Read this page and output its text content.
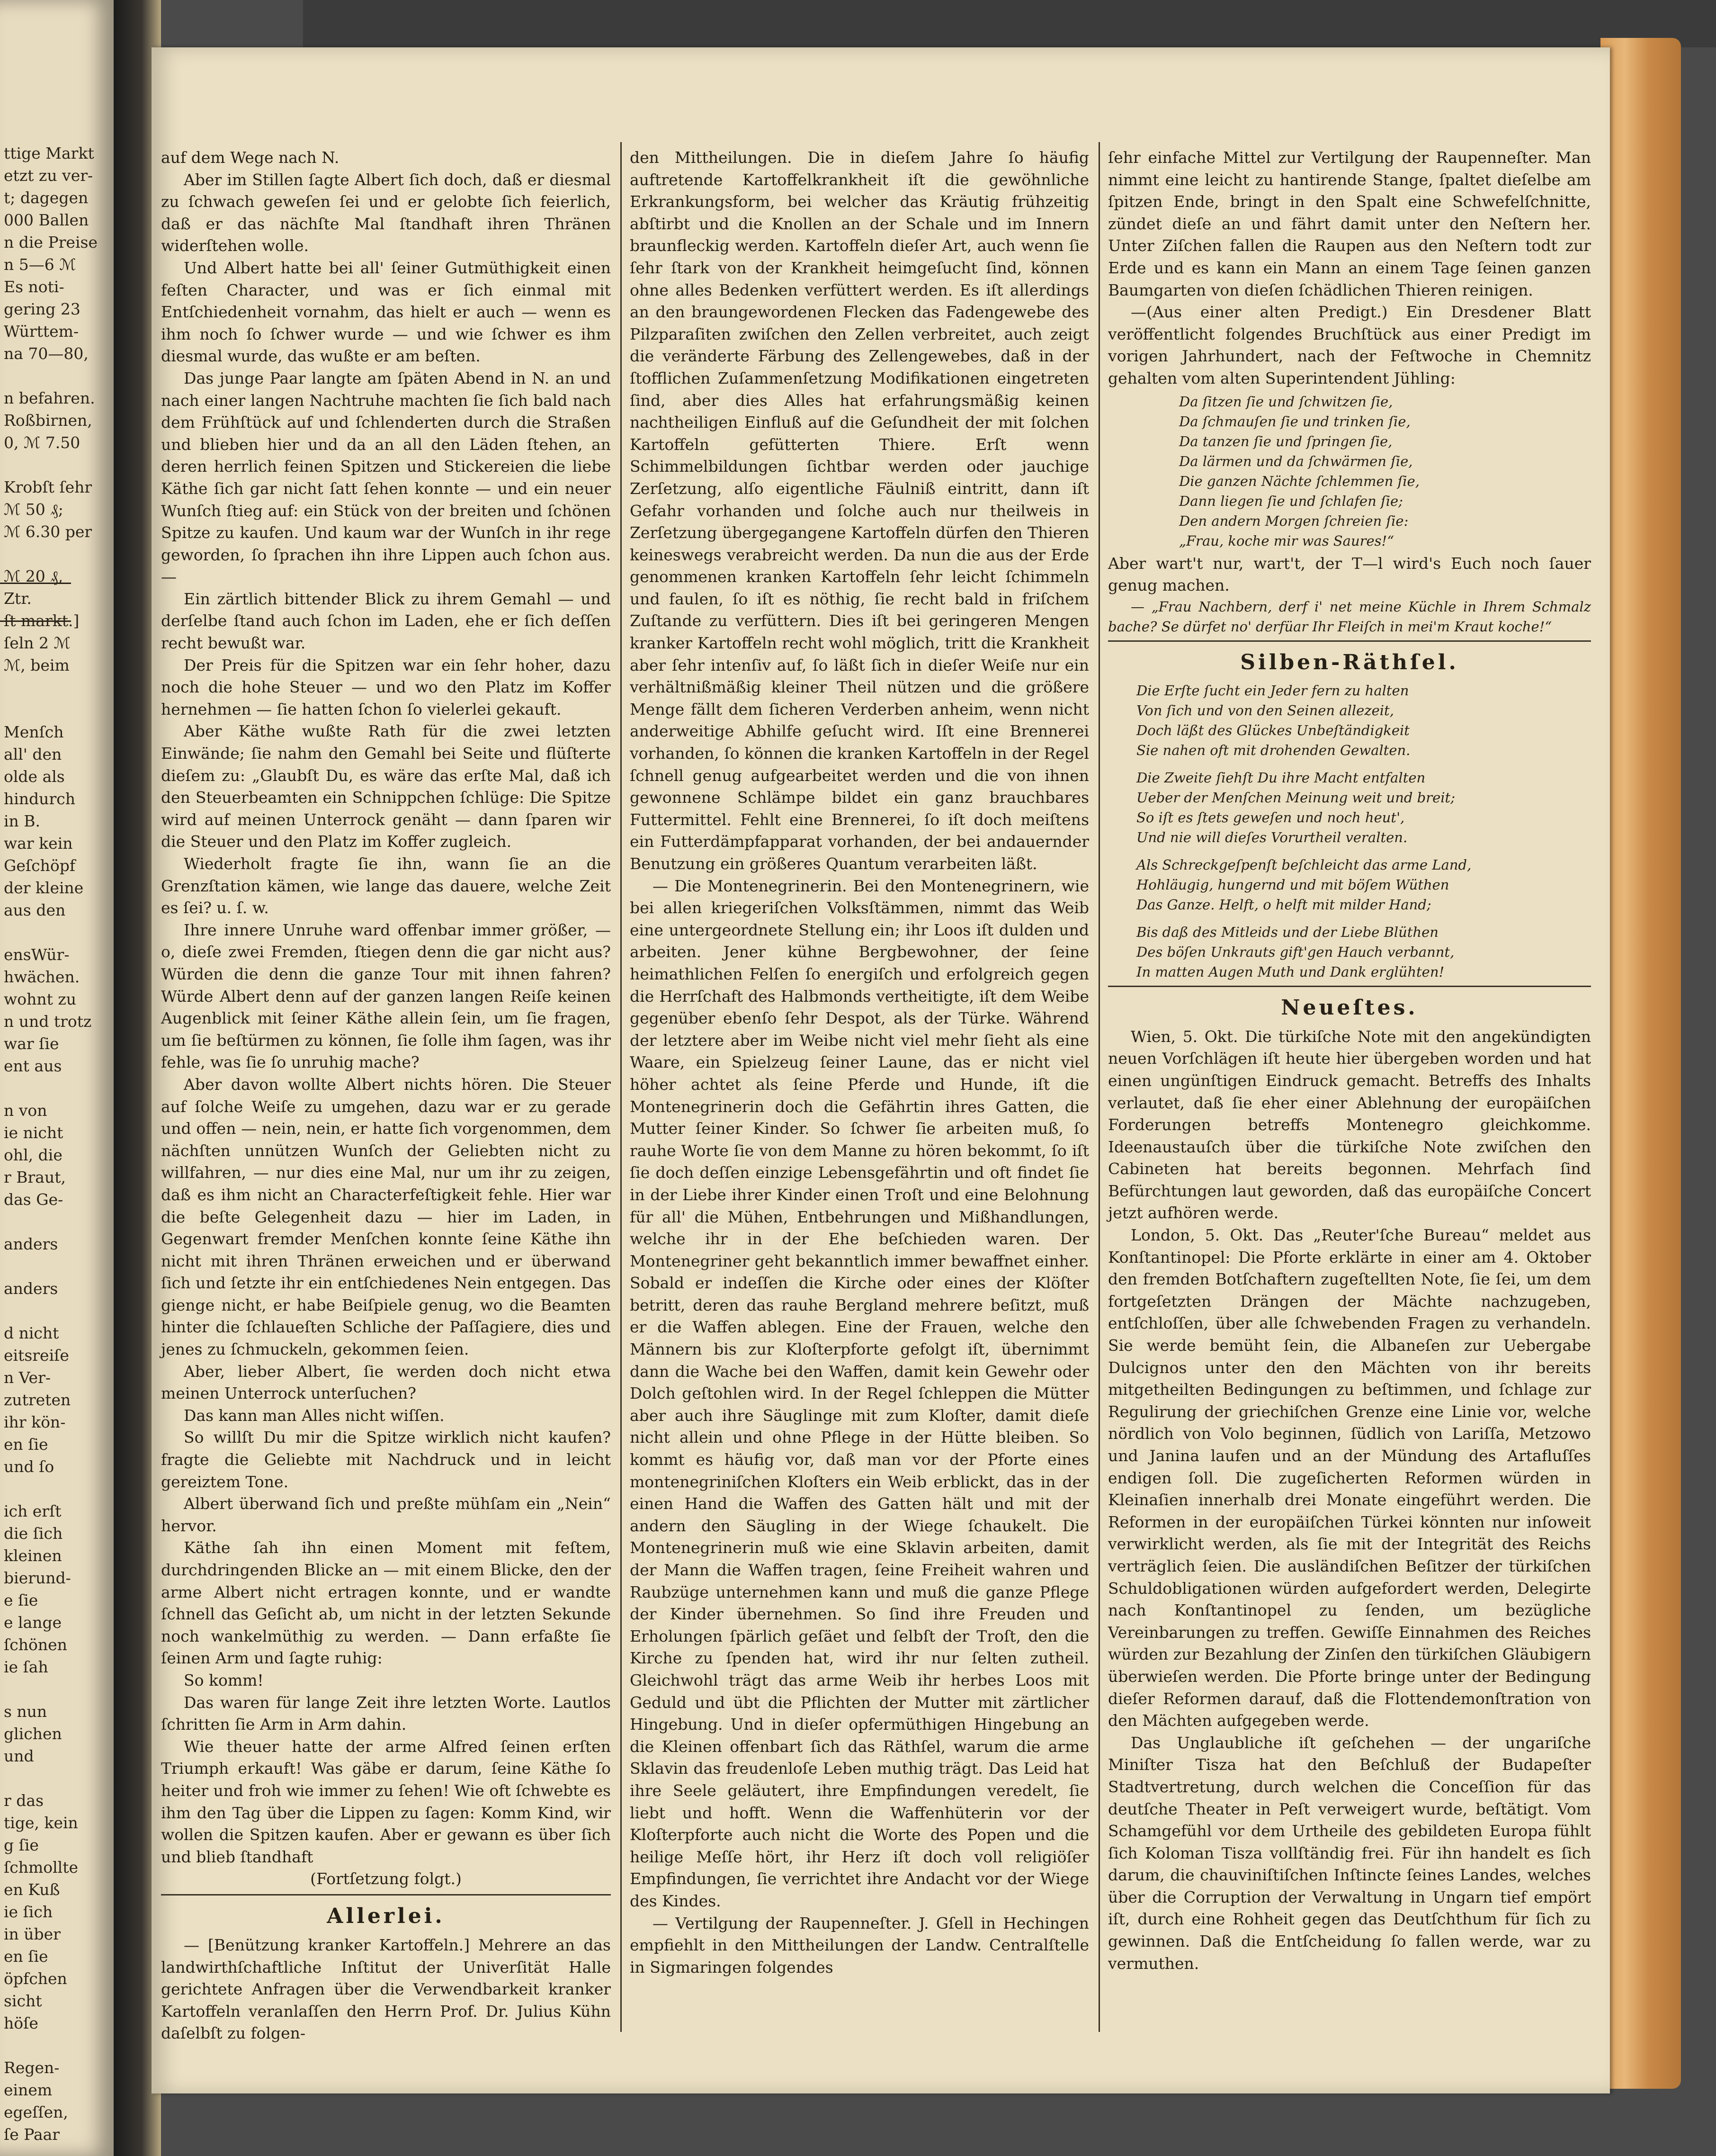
ttige Markt
etzt zu ver-
t; dagegen
000 Ballen
n die Preise
n 5—6 ℳ
Es noti-
gering 23
Württem-
na 70—80,
n befahren.
Roßbirnen,
0, ℳ 7.50
Krobſt ſehr
ℳ 50 ₰;
ℳ 6.30 per
ℳ 20 ₰,
Ztr.
ſt markt.]
ſeln 2 ℳ
ℳ, beim
Menſch
all' den
olde als
hindurch
in B.
war kein
Geſchöpf
der kleine
aus den
ensWür-
hwächen.
wohnt zu
n und trotz
war ſie
ent aus
n von
ie nicht
ohl, die
r Braut,
das Ge-
anders
anders
d nicht
eitsreiſe
n Ver-
zutreten
ihr kön-
en ſie
und ſo
ich erſt
die ſich
kleinen
bierund-
e ſie
e lange
ſchönen
ie ſah
s nun
glichen
und
r das
tige, kein
g ſie
ſchmollte
en Kuß
ie ſich
in über
en ſie
öpfchen
sicht
höſe
Regen-
einem
egeſſen,
ſe Paar

auf dem Wege nach N.

Aber im Stillen ſagte Albert ſich doch, daß er diesmal zu ſchwach geweſen ſei und er gelobte ſich feierlich, daß er das nächſte Mal ſtandhaft ihren Thränen widerſtehen wolle.

Und Albert hatte bei all' ſeiner Gutmüthigkeit einen feſten Character, und was er ſich einmal mit Entſchiedenheit vornahm, das hielt er auch — wenn es ihm noch ſo ſchwer wurde — und wie ſchwer es ihm diesmal wurde, das wußte er am beſten.

Das junge Paar langte am ſpäten Abend in N. an und nach einer langen Nachtruhe machten ſie ſich bald nach dem Frühſtück auf und ſchlenderten durch die Straßen und blieben hier und da an all den Läden ſtehen, an deren herrlich feinen Spitzen und Stickereien die liebe Käthe ſich gar nicht ſatt ſehen konnte — und ein neuer Wunſch ſtieg auf: ein Stück von der breiten und ſchönen Spitze zu kaufen. Und kaum war der Wunſch in ihr rege geworden, ſo ſprachen ihn ihre Lippen auch ſchon aus. —

Ein zärtlich bittender Blick zu ihrem Gemahl — und derſelbe ſtand auch ſchon im Laden, ehe er ſich deſſen recht bewußt war.

Der Preis für die Spitzen war ein ſehr hoher, dazu noch die hohe Steuer — und wo den Platz im Koffer hernehmen — ſie hatten ſchon ſo vielerlei gekauft.

Aber Käthe wußte Rath für die zwei letzten Einwände; ſie nahm den Gemahl bei Seite und flüſterte dieſem zu: „Glaubſt Du, es wäre das erſte Mal, daß ich den Steuerbeamten ein Schnippchen ſchlüge: Die Spitze wird auf meinen Unterrock genäht — dann ſparen wir die Steuer und den Platz im Koffer zugleich.

Wiederholt fragte ſie ihn, wann ſie an die Grenzſtation kämen, wie lange das dauere, welche Zeit es ſei? u. ſ. w.

Ihre innere Unruhe ward offenbar immer größer, — o, dieſe zwei Fremden, ſtiegen denn die gar nicht aus? Würden die denn die ganze Tour mit ihnen fahren? Würde Albert denn auf der ganzen langen Reiſe keinen Augenblick mit ſeiner Käthe allein ſein, um ſie fragen, um ſie beſtürmen zu können, ſie ſolle ihm ſagen, was ihr fehle, was ſie ſo unruhig mache?

Aber davon wollte Albert nichts hören. Die Steuer auf ſolche Weiſe zu umgehen, dazu war er zu gerade und offen — nein, nein, er hatte ſich vorgenommen, dem nächſten unnützen Wunſch der Geliebten nicht zu willfahren, — nur dies eine Mal, nur um ihr zu zeigen, daß es ihm nicht an Characterfeſtigkeit fehle. Hier war die beſte Gelegenheit dazu — hier im Laden, in Gegenwart fremder Menſchen konnte ſeine Käthe ihn nicht mit ihren Thränen erweichen und er überwand ſich und ſetzte ihr ein entſchiedenes Nein entgegen. Das gienge nicht, er habe Beiſpiele genug, wo die Beamten hinter die ſchlaueſten Schliche der Paſſagiere, dies und jenes zu ſchmuckeln, gekommen ſeien.

Aber, lieber Albert, ſie werden doch nicht etwa meinen Unterrock unterſuchen?

Das kann man Alles nicht wiſſen.

So willſt Du mir die Spitze wirklich nicht kaufen? fragte die Geliebte mit Nachdruck und in leicht gereiztem Tone.

Albert überwand ſich und preßte mühſam ein „Nein“ hervor.

Käthe ſah ihn einen Moment mit feſtem, durchdringenden Blicke an — mit einem Blicke, den der arme Albert nicht ertragen konnte, und er wandte ſchnell das Geſicht ab, um nicht in der letzten Sekunde noch wankelmüthig zu werden. — Dann erfaßte ſie ſeinen Arm und ſagte ruhig:

So komm!

Das waren für lange Zeit ihre letzten Worte. Lautlos ſchritten ſie Arm in Arm dahin.

Wie theuer hatte der arme Alfred ſeinen erſten Triumph erkauft! Was gäbe er darum, ſeine Käthe ſo heiter und froh wie immer zu ſehen! Wie oft ſchwebte es ihm den Tag über die Lippen zu ſagen: Komm Kind, wir wollen die Spitzen kaufen. Aber er gewann es über ſich und blieb ſtandhaft

(Fortſetzung folgt.)

Allerlei.

— [Benützung kranker Kartoffeln.] Mehrere an das landwirthſchaftliche Inſtitut der Univerſität Halle gerichtete Anfragen über die Verwendbarkeit kranker Kartoffeln veranlaſſen den Herrn Prof. Dr. Julius Kühn daſelbſt zu folgen-

den Mittheilungen. Die in dieſem Jahre ſo häufig auftretende Kartoffelkrankheit iſt die gewöhnliche Erkrankungsform, bei welcher das Kräutig frühzeitig abſtirbt und die Knollen an der Schale und im Innern braunfleckig werden. Kartoffeln dieſer Art, auch wenn ſie ſehr ſtark von der Krankheit heimgeſucht ſind, können ohne alles Bedenken verfüttert werden. Es iſt allerdings an den braungewordenen Flecken das Fadengewebe des Pilzparaſiten zwiſchen den Zellen verbreitet, auch zeigt die veränderte Färbung des Zellengewebes, daß in der ſtofflichen Zuſammenſetzung Modifikationen eingetreten ſind, aber dies Alles hat erfahrungsmäßig keinen nachtheiligen Einfluß auf die Geſundheit der mit ſolchen Kartoffeln gefütterten Thiere. Erſt wenn Schimmelbildungen ſichtbar werden oder jauchige Zerſetzung, alſo eigentliche Fäulniß eintritt, dann iſt Gefahr vorhanden und ſolche auch nur theilweis in Zerſetzung übergegangene Kartoffeln dürfen den Thieren keineswegs verabreicht werden. Da nun die aus der Erde genommenen kranken Kartoffeln ſehr leicht ſchimmeln und faulen, ſo iſt es nöthig, ſie recht bald in friſchem Zuſtande zu verfüttern. Dies iſt bei geringeren Mengen kranker Kartoffeln recht wohl möglich, tritt die Krankheit aber ſehr intenſiv auf, ſo läßt ſich in dieſer Weiſe nur ein verhältnißmäßig kleiner Theil nützen und die größere Menge fällt dem ſicheren Verderben anheim, wenn nicht anderweitige Abhilfe geſucht wird. Iſt eine Brennerei vorhanden, ſo können die kranken Kartoffeln in der Regel ſchnell genug aufgearbeitet werden und die von ihnen gewonnene Schlämpe bildet ein ganz brauchbares Futtermittel. Fehlt eine Brennerei, ſo iſt doch meiſtens ein Futterdämpfapparat vorhanden, der bei andauernder Benutzung ein größeres Quantum verarbeiten läßt.

— Die Montenegrinerin. Bei den Montenegrinern, wie bei allen kriegeriſchen Volksſtämmen, nimmt das Weib eine untergeordnete Stellung ein; ihr Loos iſt dulden und arbeiten. Jener kühne Bergbewohner, der ſeine heimathlichen Felſen ſo energiſch und erfolgreich gegen die Herrſchaft des Halbmonds vertheitigte, iſt dem Weibe gegenüber ebenſo ſehr Despot, als der Türke. Während der letztere aber im Weibe nicht viel mehr ſieht als eine Waare, ein Spielzeug ſeiner Laune, das er nicht viel höher achtet als ſeine Pferde und Hunde, iſt die Montenegrinerin doch die Gefährtin ihres Gatten, die Mutter ſeiner Kinder. So ſchwer ſie arbeiten muß, ſo rauhe Worte ſie von dem Manne zu hören bekommt, ſo iſt ſie doch deſſen einzige Lebensgefährtin und oft findet ſie in der Liebe ihrer Kinder einen Troſt und eine Belohnung für all' die Mühen, Entbehrungen und Mißhandlungen, welche ihr in der Ehe beſchieden waren. Der Montenegriner geht bekanntlich immer bewaffnet einher. Sobald er indeſſen die Kirche oder eines der Klöſter betritt, deren das rauhe Bergland mehrere beſitzt, muß er die Waffen ablegen. Eine der Frauen, welche den Männern bis zur Kloſterpforte gefolgt iſt, übernimmt dann die Wache bei den Waffen, damit kein Gewehr oder Dolch geſtohlen wird. In der Regel ſchleppen die Mütter aber auch ihre Säuglinge mit zum Kloſter, damit dieſe nicht allein und ohne Pflege in der Hütte bleiben. So kommt es häufig vor, daß man vor der Pforte eines montenegriniſchen Kloſters ein Weib erblickt, das in der einen Hand die Waffen des Gatten hält und mit der andern den Säugling in der Wiege ſchaukelt. Die Montenegrinerin muß wie eine Sklavin arbeiten, damit der Mann die Waffen tragen, ſeine Freiheit wahren und Raubzüge unternehmen kann und muß die ganze Pflege der Kinder übernehmen. So ſind ihre Freuden und Erholungen ſpärlich geſäet und ſelbſt der Troſt, den die Kirche zu ſpenden hat, wird ihr nur ſelten zutheil. Gleichwohl trägt das arme Weib ihr herbes Loos mit Geduld und übt die Pflichten der Mutter mit zärtlicher Hingebung. Und in dieſer opfermüthigen Hingebung an die Kleinen offenbart ſich das Räthſel, warum die arme Sklavin das freudenloſe Leben muthig trägt. Das Leid hat ihre Seele geläutert, ihre Empfindungen veredelt, ſie liebt und hofft. Wenn die Waffenhüterin vor der Kloſterpforte auch nicht die Worte des Popen und die heilige Meſſe hört, ihr Herz iſt doch voll religiöſer Empfindungen, ſie verrichtet ihre Andacht vor der Wiege des Kindes.

— Vertilgung der Raupenneſter. J. Gſell in Hechingen empfiehlt in den Mittheilungen der Landw. Centralſtelle in Sigmaringen folgendes

ſehr einfache Mittel zur Vertilgung der Raupenneſter. Man nimmt eine leicht zu hantirende Stange, ſpaltet dieſelbe am ſpitzen Ende, bringt in den Spalt eine Schwefelſchnitte, zündet dieſe an und fährt damit unter den Neſtern her. Unter Ziſchen fallen die Raupen aus den Neſtern todt zur Erde und es kann ein Mann an einem Tage ſeinen ganzen Baumgarten von dieſen ſchädlichen Thieren reinigen.

—(Aus einer alten Predigt.) Ein Dresdener Blatt veröffentlicht folgendes Bruchſtück aus einer Predigt im vorigen Jahrhundert, nach der Feſtwoche in Chemnitz gehalten vom alten Superintendent Jühling:

Da ſitzen ſie und ſchwitzen ſie,
Da ſchmauſen ſie und trinken ſie,
Da tanzen ſie und ſpringen ſie,
Da lärmen und da ſchwärmen ſie,
Die ganzen Nächte ſchlemmen ſie,
Dann liegen ſie und ſchlafen ſie;
Den andern Morgen ſchreien ſie:
„Frau, koche mir was Saures!“

Aber wart't nur, wart't, der T—l wird's Euch noch ſauer genug machen.

— „Frau Nachbern, derf i' net meine Küchle in Ihrem Schmalz bache? Se dürfet no' derfüar Ihr Fleiſch in mei'm Kraut koche!“

Silben-Räthſel.
Die Erſte ſucht ein Jeder fern zu halten
Von ſich und von den Seinen allezeit,
Doch läßt des Glückes Unbeſtändigkeit
Sie nahen oft mit drohenden Gewalten.
Die Zweite ſiehſt Du ihre Macht entfalten
Ueber der Menſchen Meinung weit und breit;
So iſt es ſtets geweſen und noch heut',
Und nie will dieſes Vorurtheil veralten.
Als Schreckgeſpenſt beſchleicht das arme Land,
Hohläugig, hungernd und mit böſem Wüthen
Das Ganze. Helft, o helft mit milder Hand;
Bis daß des Mitleids und der Liebe Blüthen
Des böſen Unkrauts gift'gen Hauch verbannt,
In matten Augen Muth und Dank erglühten!
Neueſtes.

Wien, 5. Okt. Die türkiſche Note mit den angekündigten neuen Vorſchlägen iſt heute hier übergeben worden und hat einen ungünſtigen Eindruck gemacht. Betreffs des Inhalts verlautet, daß ſie eher einer Ablehnung der europäiſchen Forderungen betreffs Montenegro gleichkomme. Ideenaustauſch über die türkiſche Note zwiſchen den Cabineten hat bereits begonnen. Mehrfach ſind Befürchtungen laut geworden, daß das europäiſche Concert jetzt aufhören werde.

London, 5. Okt. Das „Reuter'ſche Bureau“ meldet aus Konſtantinopel: Die Pforte erklärte in einer am 4. Oktober den fremden Botſchaftern zugeſtellten Note, ſie ſei, um dem fortgeſetzten Drängen der Mächte nachzugeben, entſchloſſen, über alle ſchwebenden Fragen zu verhandeln. Sie werde bemüht ſein, die Albaneſen zur Uebergabe Dulcignos unter den den Mächten von ihr bereits mitgetheilten Bedingungen zu beſtimmen, und ſchlage zur Regulirung der griechiſchen Grenze eine Linie vor, welche nördlich von Volo beginnen, ſüdlich von Lariſſa, Metzowo und Janina laufen und an der Mündung des Artafluſſes endigen ſoll. Die zugeſicherten Reformen würden in Kleinaſien innerhalb drei Monate eingeführt werden. Die Reformen in der europäiſchen Türkei könnten nur inſoweit verwirklicht werden, als ſie mit der Integrität des Reichs verträglich ſeien. Die ausländiſchen Beſitzer der türkiſchen Schuldobligationen würden aufgefordert werden, Delegirte nach Konſtantinopel zu ſenden, um bezügliche Vereinbarungen zu treffen. Gewiſſe Einnahmen des Reiches würden zur Bezahlung der Zinſen den türkiſchen Gläubigern überwieſen werden. Die Pforte bringe unter der Bedingung dieſer Reformen darauf, daß die Flottendemonſtration von den Mächten aufgegeben werde.

Das Unglaubliche iſt geſchehen — der ungariſche Miniſter Tisza hat den Beſchluß der Budapeſter Stadtvertretung, durch welchen die Conceſſion für das deutſche Theater in Peſt verweigert wurde, beſtätigt. Vom Schamgefühl vor dem Urtheile des gebildeten Europa fühlt ſich Koloman Tisza vollſtändig frei. Für ihn handelt es ſich darum, die chauviniſtiſchen Inſtincte ſeines Landes, welches über die Corruption der Verwaltung in Ungarn tief empört iſt, durch eine Rohheit gegen das Deutſchthum für ſich zu gewinnen. Daß die Entſcheidung ſo fallen werde, war zu vermuthen.
